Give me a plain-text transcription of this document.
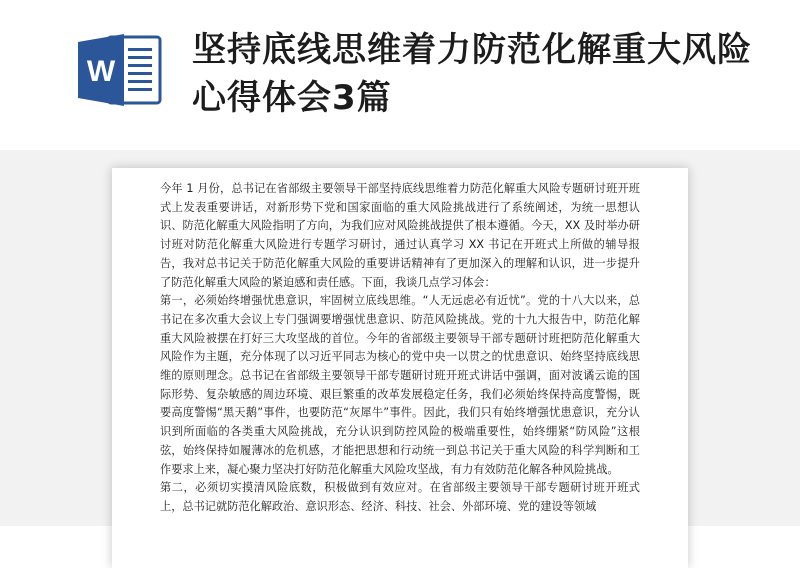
W
坚持底线思维着力防范化解重大风险心得体会3篇

今年 1 月份，总书记在省部级主要领导干部坚持底线思维着力防范化解重大风险专题研讨班开班式上发表重要讲话，对新形势下党和国家面临的重大风险挑战进行了系统阐述，为统一思想认识、防范化解重大风险指明了方向，为我们应对风险挑战提供了根本遵循。今天，XX 及时举办研讨班对防范化解重大风险进行专题学习研讨，通过认真学习 XX 书记在开班式上所做的辅导报告，我对总书记关于防范化解重大风险的重要讲话精神有了更加深入的理解和认识，进一步提升了防范化解重大风险的紧迫感和责任感。下面，我谈几点学习体会：
第一，必须始终增强忧患意识，牢固树立底线思维。“人无远虑必有近忧”。党的十八大以来，总书记在多次重大会议上专门强调要增强忧患意识、防范风险挑战。党的十九大报告中，防范化解重大风险被摆在打好三大攻坚战的首位。今年的省部级主要领导干部专题研讨班把防范化解重大风险作为主题，充分体现了以习近平同志为核心的党中央一以贯之的忧患意识、始终坚持底线思维的原则理念。总书记在省部级主要领导干部专题研讨班开班式讲话中强调，面对波谲云诡的国际形势、复杂敏感的周边环境、艰巨繁重的改革发展稳定任务，我们必须始终保持高度警惕，既要高度警惕“黑天鹅”事件，也要防范“灰犀牛”事件。因此，我们只有始终增强忧患意识，充分认识到所面临的各类重大风险挑战，充分认识到防控风险的极端重要性，始终绷紧“防风险”这根弦，始终保持如履薄冰的危机感，才能把思想和行动统一到总书记关于重大风险的科学判断和工作要求上来，凝心聚力坚决打好防范化解重大风险攻坚战，有力有效防范化解各种风险挑战。
第二，必须切实摸清风险底数，积极做到有效应对。在省部级主要领导干部专题研讨班开班式上，总书记就防范化解政治、意识形态、经济、科技、社会、外部环境、党的建设等领域
